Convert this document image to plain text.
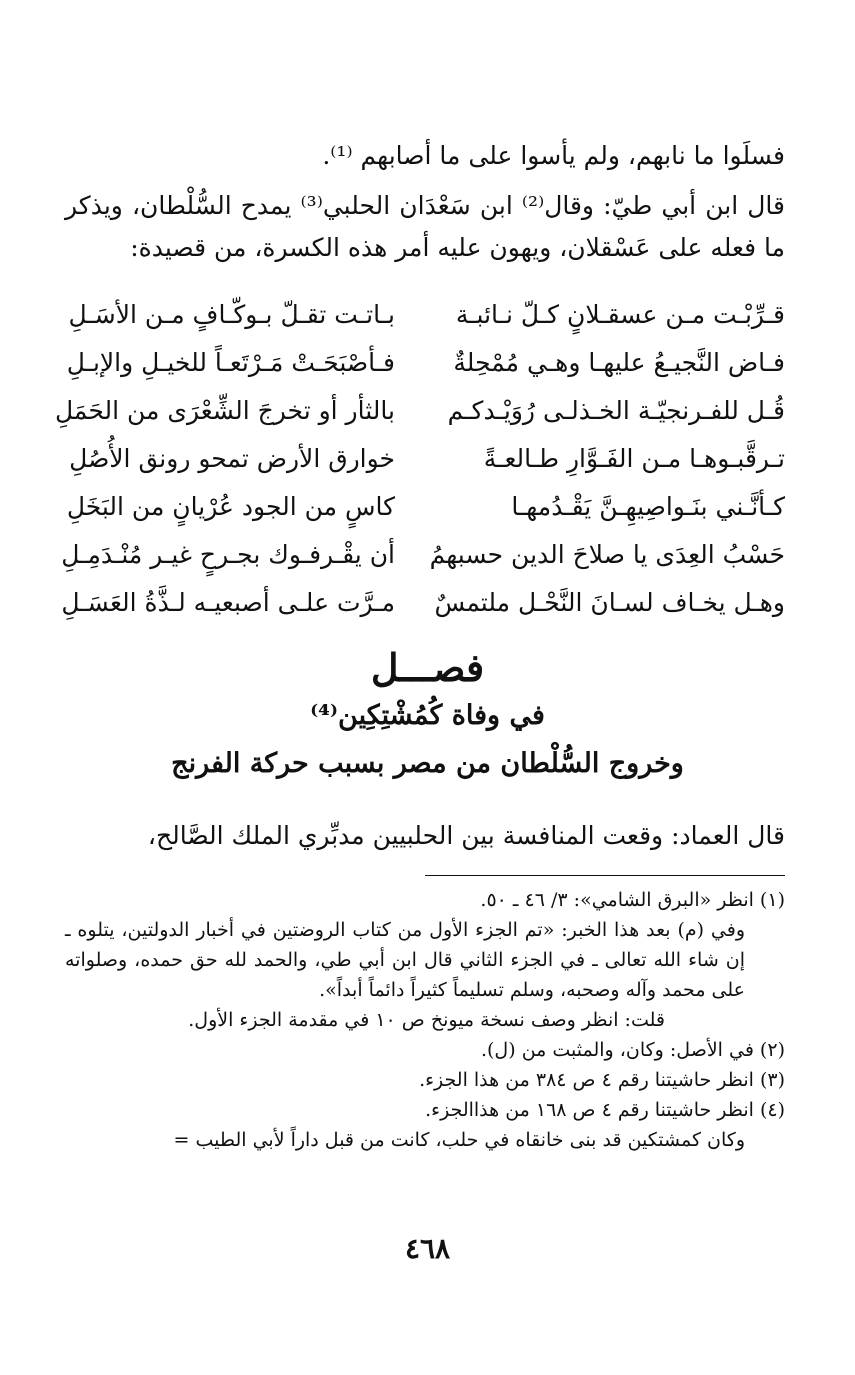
فسلَوا ما نابهم، ولم يأسوا على ما أصابهم ⁽¹⁾.
قال ابن أبي طيّ: وقال⁽²⁾ ابن سَعْدَان الحلبي⁽³⁾ يمدح السُّلْطان، ويذكر ما فعله على عَسْقلان، ويهون عليه أمر هذه الكسرة، من قصيدة:
قـرِّبْـت مـن عسقـلانٍ كـلّ نـائبـة
بـاتـت تقـلّ بـوكّـافٍ مـن الأسَـلِ
فـاض النَّجيـعُ عليهـا وهـي مُمْحِلةٌ
فـأصْبَحَـتْ مَـرْتَعـاً للخيـلِ والإبـلِ
قُـل للفـرنجيّـة الخـذلـى رُوَيْـدكـم
بالثأر أو تخرجَ الشِّعْرَى من الحَمَلِ
تـرقَّبـوهـا مـن الفَـوَّارِ طـالعـةً
خوارق الأرض تمحو رونق الأُصُلِ
كـأنَّـني بنَـواصِيهِـنَّ يَقْـدُمهـا
كاسٍ من الجود عُرْيانٍ من البَخَلِ
حَسْبُ العِدَى يا صلاحَ الدين حسبهمُ
أن يقْـرفـوك بجـرحٍ غيـر مُنْـدَمِـلِ
وهـل يخـاف لسـانَ النَّحْـل ملتمسٌ
مـرَّت علـى أصبعيـه لـذَّةُ العَسَـلِ
فصـــل
في وفاة كُمُشْتِكِين⁽⁴⁾
وخروج السُّلْطان من مصر بسبب حركة الفرنج
قال العماد: وقعت المنافسة بين الحلبيين مدبِّري الملك الصَّالح،
(١) انظر «البرق الشامي»: ٣/ ٤٦ ـ ٥٠.
وفي (م) بعد هذا الخبر: «تم الجزء الأول من كتاب الروضتين في أخبار الدولتين، يتلوه ـ إن شاء الله تعالى ـ في الجزء الثاني قال ابن أبي طي، والحمد لله حق حمده، وصلواته على محمد وآله وصحبه، وسلم تسليماً كثيراً دائماً أبداً».
قلت: انظر وصف نسخة ميونخ ص ١٠ في مقدمة الجزء الأول.
(٢) في الأصل: وكان، والمثبت من (ل).
(٣) انظر حاشيتنا رقم ٤ ص ٣٨٤ من هذا الجزء.
(٤) انظر حاشيتنا رقم ٤ ص ١٦٨ من هذاالجزء.
وكان كمشتكين قد بنى خانقاه في حلب، كانت من قبل داراً لأبي الطيب =
٤٦٨
